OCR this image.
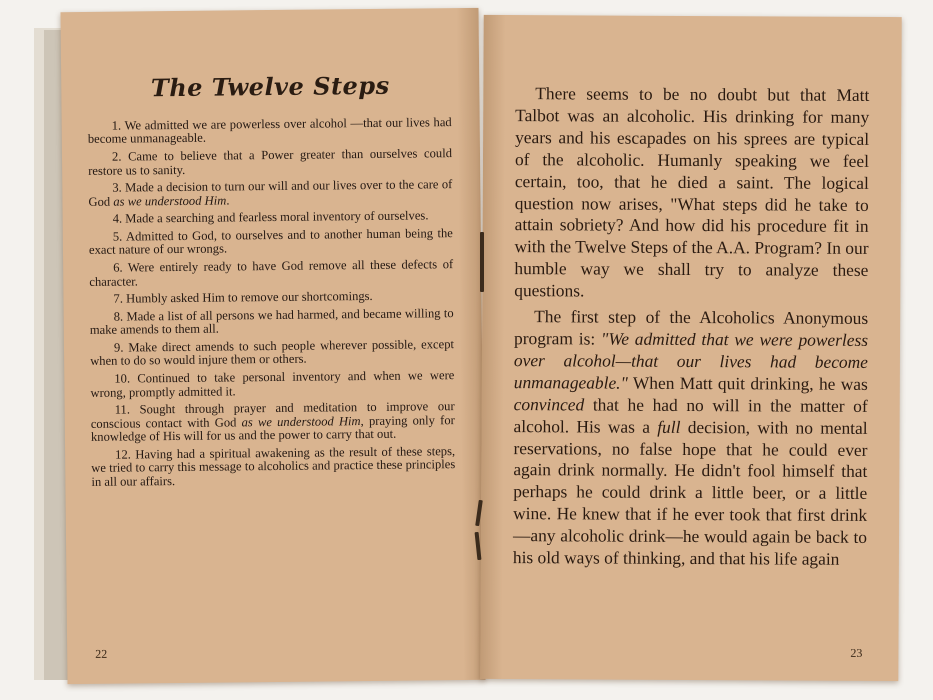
The Twelve Steps

1. We admitted we are powerless over alcohol —that our lives had become unmanageable.

2. Came to believe that a Power greater than ourselves could restore us to sanity.

3. Made a decision to turn our will and our lives over to the care of God as we understood Him.

4. Made a searching and fearless moral inventory of ourselves.

5. Admitted to God, to ourselves and to another human being the exact nature of our wrongs.

6. Were entirely ready to have God remove all these defects of character.

7. Humbly asked Him to remove our shortcomings.

8. Made a list of all persons we had harmed, and became willing to make amends to them all.

9. Make direct amends to such people wherever possible, except when to do so would injure them or others.

10. Continued to take personal inventory and when we were wrong, promptly admitted it.

11. Sought through prayer and meditation to improve our conscious contact with God as we understood Him, praying only for knowledge of His will for us and the power to carry that out.

12. Having had a spiritual awakening as the result of these steps, we tried to carry this message to alcoholics and practice these principles in all our affairs.

22

There seems to be no doubt but that Matt Talbot was an alcoholic. His drinking for many years and his escapades on his sprees are typical of the alcoholic. Humanly speaking we feel certain, too, that he died a saint. The logical question now arises, "What steps did he take to attain sobriety? And how did his procedure fit in with the Twelve Steps of the A.A. Program? In our humble way we shall try to analyze these questions.

The first step of the Alcoholics Anonymous program is: "We admitted that we were powerless over alcohol—that our lives had become unmanageable." When Matt quit drinking, he was convinced that he had no will in the matter of alcohol. His was a full decision, with no mental reservations, no false hope that he could ever again drink normally. He didn't fool himself that perhaps he could drink a little beer, or a little wine. He knew that if he ever took that first drink—any alcoholic drink—he would again be back to his old ways of thinking, and that his life again

23
